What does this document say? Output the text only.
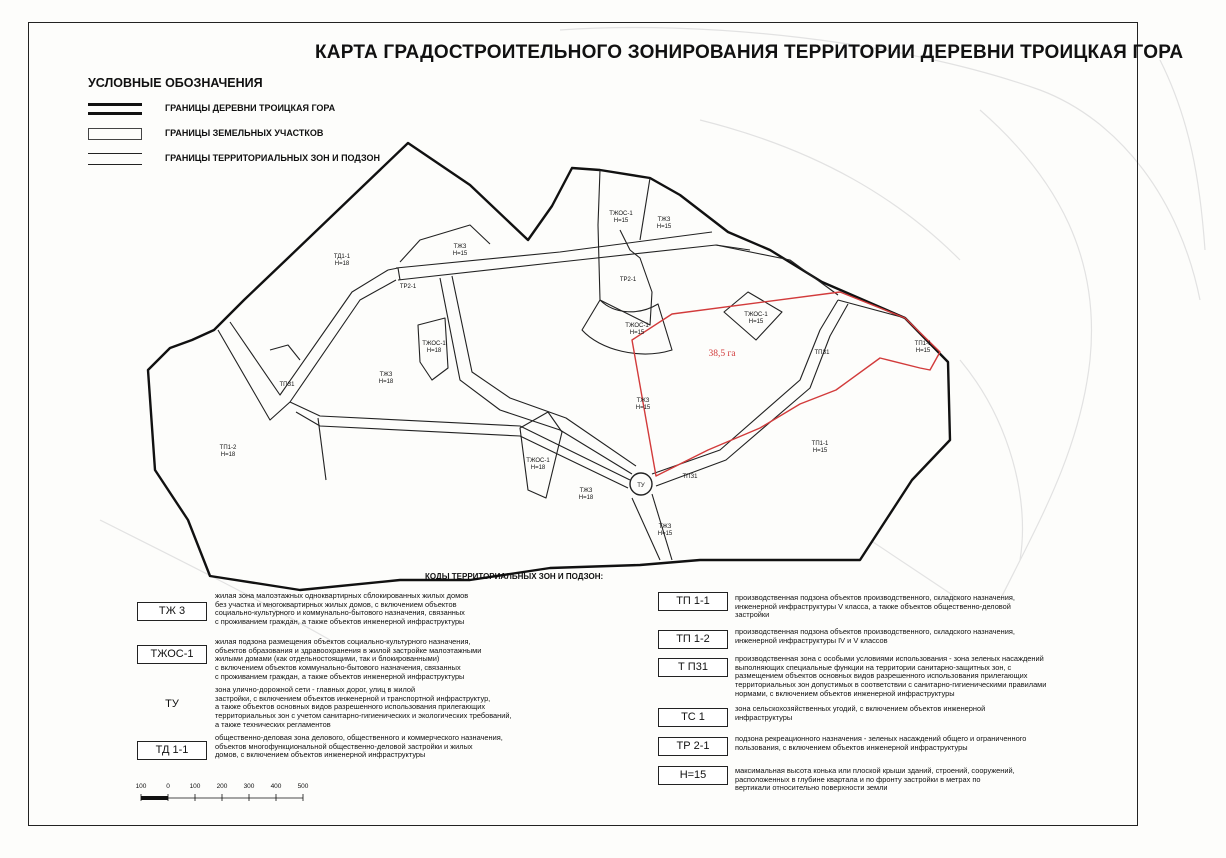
КАРТА ГРАДОСТРОИТЕЛЬНОГО ЗОНИРОВАНИЯ ТЕРРИТОРИИ ДЕРЕВНИ ТРОИЦКАЯ ГОРА
УСЛОВНЫЕ ОБОЗНАЧЕНИЯ
ГРАНИЦЫ ДЕРЕВНИ ТРОИЦКАЯ ГОРА
ГРАНИЦЫ ЗЕМЕЛЬНЫХ УЧАСТКОВ
ГРАНИЦЫ ТЕРРИТОРИАЛЬНЫХ ЗОН И ПОДЗОН
ТД1-1
Н=18
ТЖЗ
Н=15
ТЖОС-1
Н=15	ТЖЗ
Н=15
ТР2-1
ТЖОС-1
Н=15
ТЖОС-1
Н=15
ТР2-1
ТЖОС-1
Н=18
ТЖЗ
Н=18
ТПЗ1
ТП1-2
Н=18
ТЖЗ
Н=15
ТПЗ1
ТП1-1
Н=15
ТП1-1
Н=15
ТЖОС-1
Н=18
ТЖЗ
Н=18
ТУ
ТПЗ1
ТЖЗ
Н=15
38,5 га
КОДЫ ТЕРРИТОРИАЛЬНЫХ ЗОН И ПОДЗОН:
ТЖ 3
жилая зона малоэтажных одноквартирных сблокированных жилых домов
без участка и многоквартирных жилых домов, с включением объектов
социально-культурного и коммунально-бытового назначения, связанных
с проживанием граждан, а также объектов инженерной инфраструктуры
ТЖОС-1
жилая подзона размещения объектов социально-культурного назначения,
объектов образования и здравоохранения в жилой застройке малоэтажными
жилыми домами (как отдельностоящими, так и блокированными)
с включением объектов коммунально-бытового назначения, связанных
с проживанием граждан, а также объектов инженерной инфраструктуры
ТУ
зона улично-дорожной сети - главных дорог, улиц в жилой
застройки, с включением объектов инженерной и транспортной инфраструктур,
а также объектов основных видов разрешенного использования прилегающих
территориальных зон с учетом санитарно-гигиенических и экологических требований,
а также технических регламентов
ТД 1-1
общественно-деловая зона делового, общественного и коммерческого назначения,
объектов многофункциональной общественно-деловой застройки и жилых
домов, с включением объектов инженерной инфраструктуры
ТП 1-1	производственная подзона объектов производственного, складского назначения,
инженерной инфраструктуры V класса, а также объектов общественно-деловой
застройки
ТП 1-2
производственная подзона объектов производственного, складского назначения,
инженерной инфраструктуры IV и V классов
Т П31
производственная зона с особыми условиями использования - зона зеленых насаждений
выполняющих специальные функции на территории санитарно-защитных зон, с
размещением объектов основных видов разрешенного использования прилегающих
территориальных зон допустимых в соответствии с санитарно-гигиеническими правилами
нормами, с включением объектов инженерной инфраструктуры
ТС 1
зона сельскохозяйственных угодий, с включением объектов инженерной
инфраструктуры
ТР 2-1
подзона рекреационного назначения - зеленых насаждений общего и ограниченного
пользования, с включением объектов инженерной инфраструктуры
Н=15	максимальная высота конька или плоской крыши зданий, строений, сооружений,
расположенных в глубине квартала и по фронту застройки в метрах по
вертикали относительно поверхности земли
100	0	100 200 300 400 500
